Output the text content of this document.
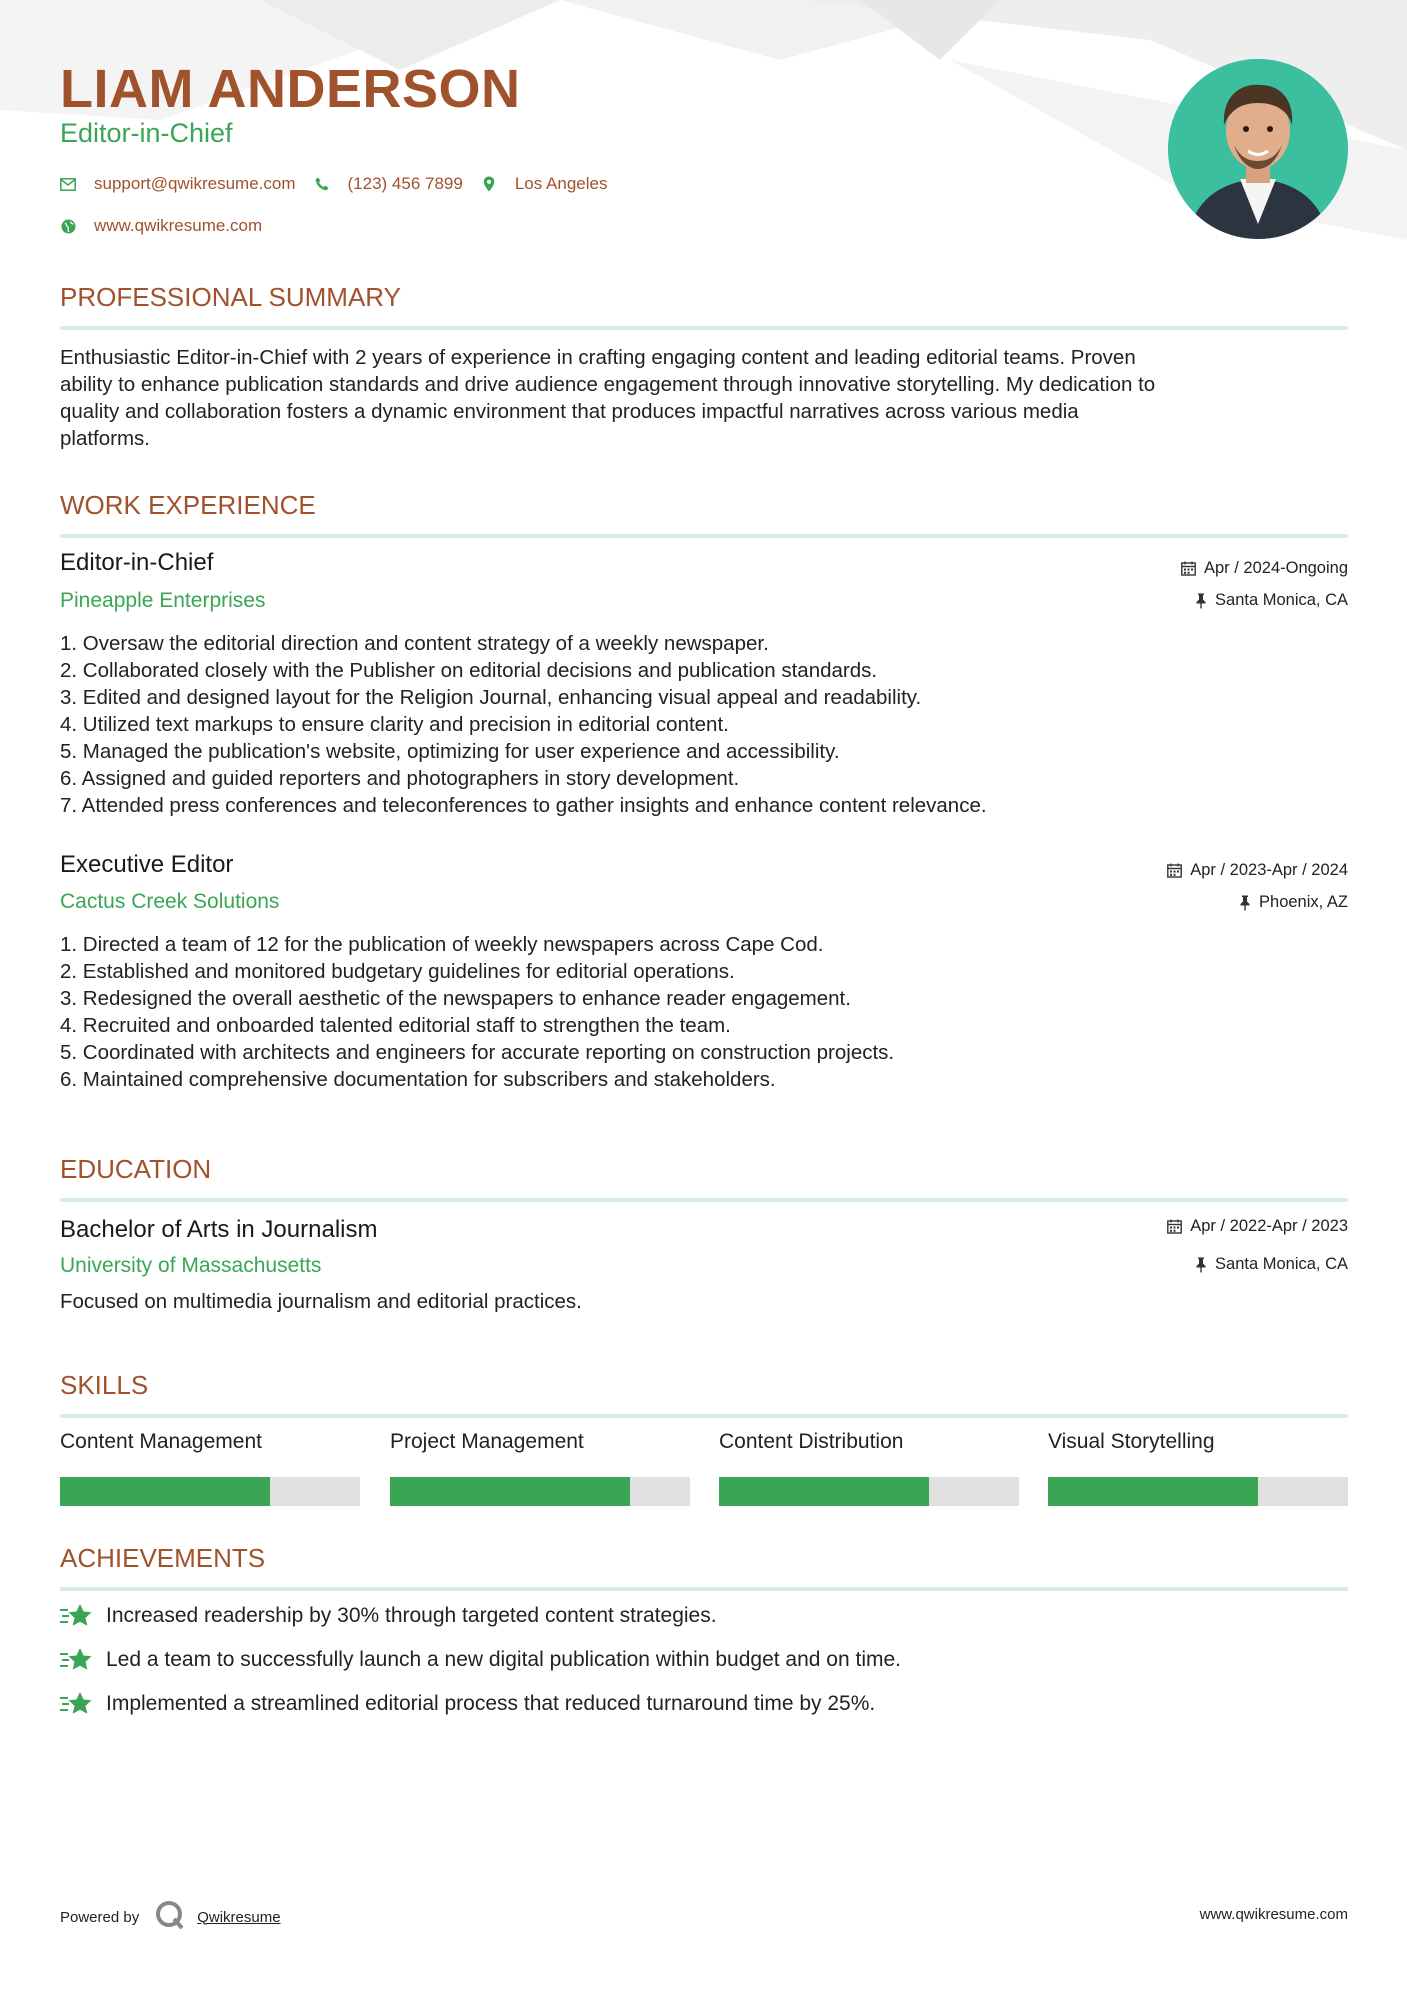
LIAM ANDERSON
Editor-in-Chief
support@qwikresume.com	(123) 456 7899	Los Angeles
www.qwikresume.com
PROFESSIONAL SUMMARY
Enthusiastic Editor-in-Chief with 2 years of experience in crafting engaging content and leading editorial teams. Proven
ability to enhance publication standards and drive audience engagement through innovative storytelling. My dedication to
quality and collaboration fosters a dynamic environment that produces impactful narratives across various media
platforms.
WORK EXPERIENCE
Editor-in-Chief
Pineapple Enterprises
Apr / 2024-Ongoing
Santa Monica, CA
1. Oversaw the editorial direction and content strategy of a weekly newspaper.
2. Collaborated closely with the Publisher on editorial decisions and publication standards.
3. Edited and designed layout for the Religion Journal, enhancing visual appeal and readability.
4. Utilized text markups to ensure clarity and precision in editorial content.
5. Managed the publication's website, optimizing for user experience and accessibility.
6. Assigned and guided reporters and photographers in story development.
7. Attended press conferences and teleconferences to gather insights and enhance content relevance.
Executive Editor
Cactus Creek Solutions
Apr / 2023-Apr / 2024
Phoenix, AZ
1. Directed a team of 12 for the publication of weekly newspapers across Cape Cod.
2. Established and monitored budgetary guidelines for editorial operations.
3. Redesigned the overall aesthetic of the newspapers to enhance reader engagement.
4. Recruited and onboarded talented editorial staff to strengthen the team.
5. Coordinated with architects and engineers for accurate reporting on construction projects.
6. Maintained comprehensive documentation for subscribers and stakeholders.
EDUCATION
Bachelor of Arts in Journalism
University of Massachusetts
Apr / 2022-Apr / 2023
Santa Monica, CA
Focused on multimedia journalism and editorial practices.
SKILLS
Content Management	Project Management	Content Distribution	Visual Storytelling
ACHIEVEMENTS
Increased readership by 30% through targeted content strategies.
Led a team to successfully launch a new digital publication within budget and on time.
Implemented a streamlined editorial process that reduced turnaround time by 25%.
Powered by	Qwikresume	www.qwikresume.com
